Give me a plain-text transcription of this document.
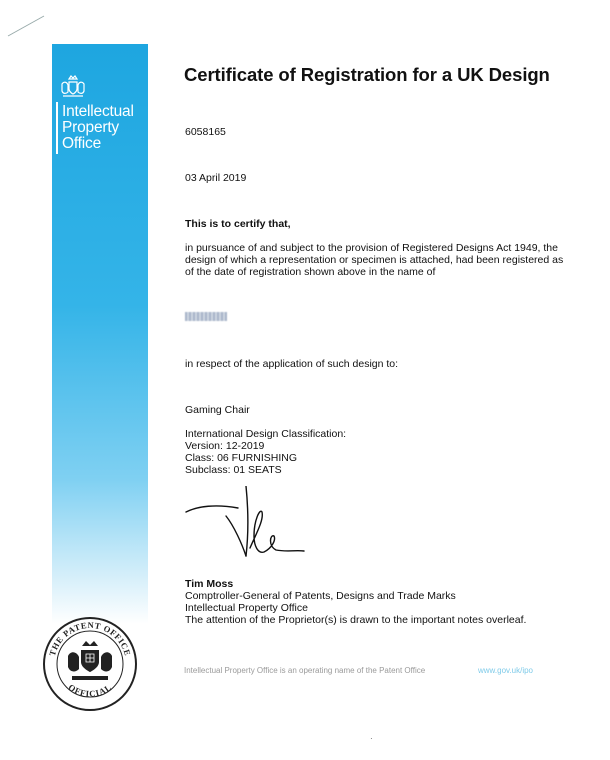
Intellectual
Property
Office
Certificate of Registration for a UK Design
6058165
03 April 2019
This is to certify that,
in pursuance of and subject to the provision of Registered Designs Act 1949, the design of which a representation or specimen is attached, had been registered as of the date of registration shown above in the name of
in respect of the application of such design to:
Gaming Chair
International Design Classification:
Version: 12-2019
Class: 06 FURNISHING
Subclass: 01 SEATS
Tim Moss
Comptroller-General of Patents, Designs and Trade Marks
Intellectual Property Office
The attention of the Proprietor(s) is drawn to the important notes overleaf.
THE PATENT OFFICE
OFFICIAL
Intellectual Property Office is an operating name of the Patent Office	www.gov.uk/ipo
·
